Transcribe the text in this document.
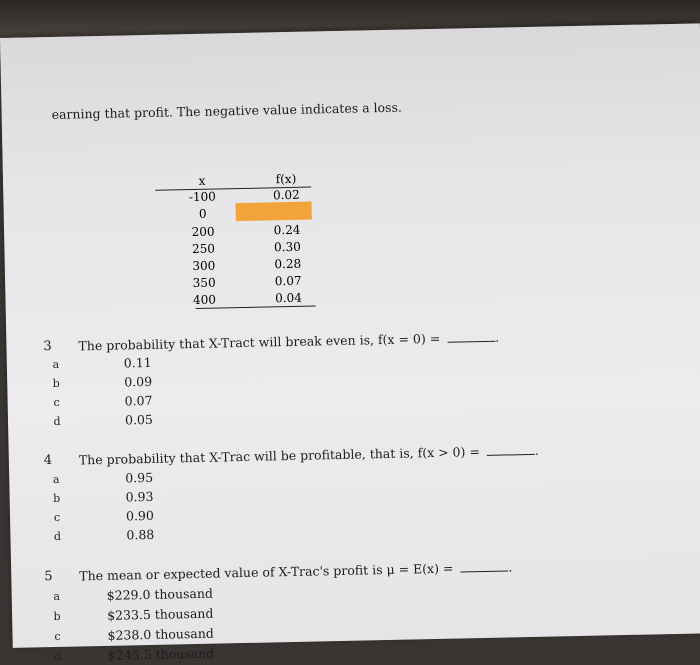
earning that profit. The negative value indicates a loss.
x	f(x)
-100	0.02
0
200	0.24
250	0.30
300	0.28
350	0.07
400	0.04
3 The probability that X-Tract will break even is, f(x = 0) =	.
a	0.11
b	0.09
c	0.07
d	0.05
4 The probability that X-Trac will be profitable, that is, f(x > 0) =	.
a	0.95
b	0.93
c	0.90
d	0.88
5 The mean or expected value of X-Trac's profit is μ = E(x) =	.
a	$229.0 thousand
b	$233.5 thousand
c	$238.0 thousand
d	$245.5 thousand
